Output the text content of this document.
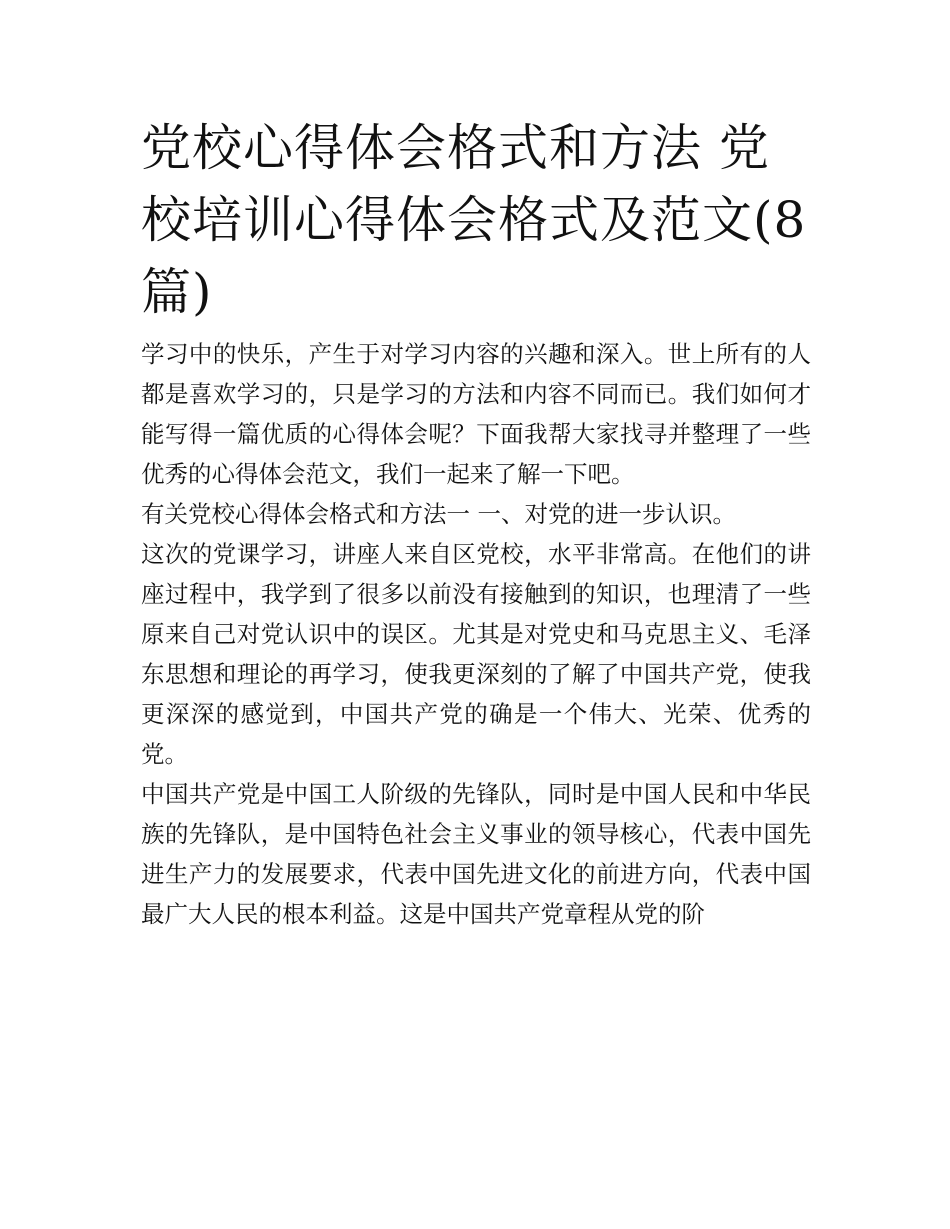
党校心得体会格式和方法 党校培训心得体会格式及范文(8篇)

学习中的快乐，产生于对学习内容的兴趣和深入。世上所有的人都是喜欢学习的，只是学习的方法和内容不同而已。我们如何才能写得一篇优质的心得体会呢？下面我帮大家找寻并整理了一些优秀的心得体会范文，我们一起来了解一下吧。

有关党校心得体会格式和方法一 一、对党的进一步认识。

这次的党课学习，讲座人来自区党校，水平非常高。在他们的讲座过程中，我学到了很多以前没有接触到的知识，也理清了一些原来自己对党认识中的误区。尤其是对党史和马克思主义、毛泽东思想和理论的再学习，使我更深刻的了解了中国共产党，使我更深深的感觉到，中国共产党的确是一个伟大、光荣、优秀的党。

中国共产党是中国工人阶级的先锋队，同时是中国人民和中华民族的先锋队，是中国特色社会主义事业的领导核心，代表中国先进生产力的发展要求，代表中国先进文化的前进方向，代表中国最广大人民的根本利益。这是中国共产党章程从党的阶
